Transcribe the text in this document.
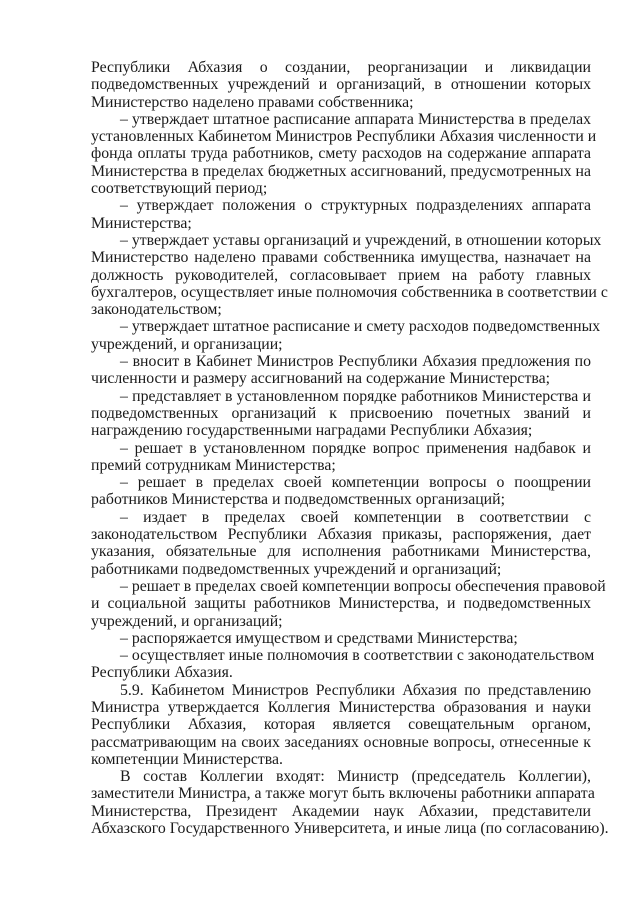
Республики Абхазия о создании, реорганизации и ликвидации
подведомственных учреждений и организаций, в отношении которых
Министерство наделено правами собственника;
– утверждает штатное расписание аппарата Министерства в пределах
установленных Кабинетом Министров Республики Абхазия численности и
фонда оплаты труда работников, смету расходов на содержание аппарата
Министерства в пределах бюджетных ассигнований, предусмотренных на
соответствующий период;
– утверждает положения о структурных подразделениях аппарата
Министерства;
– утверждает уставы организаций и учреждений, в отношении которых
Министерство наделено правами собственника имущества, назначает на
должность руководителей, согласовывает прием на работу главных
бухгалтеров, осуществляет иные полномочия собственника в соответствии с
законодательством;
– утверждает штатное расписание и смету расходов подведомственных
учреждений, и организации;
– вносит в Кабинет Министров Республики Абхазия предложения по
численности и размеру ассигнований на содержание Министерства;
– представляет в установленном порядке работников Министерства и
подведомственных организаций к присвоению почетных званий и
награждению государственными наградами Республики Абхазия;
– решает в установленном порядке вопрос применения надбавок и
премий сотрудникам Министерства;
– решает в пределах своей компетенции вопросы о поощрении
работников Министерства и подведомственных организаций;
– издает в пределах своей компетенции в соответствии с
законодательством Республики Абхазия приказы, распоряжения, дает
указания, обязательные для исполнения работниками Министерства,
работниками подведомственных учреждений и организаций;
– решает в пределах своей компетенции вопросы обеспечения правовой
и социальной защиты работников Министерства, и подведомственных
учреждений, и организаций;
– распоряжается имуществом и средствами Министерства;
– осуществляет иные полномочия в соответствии с законодательством
Республики Абхазия.
5.9. Кабинетом Министров Республики Абхазия по представлению
Министра утверждается Коллегия Министерства образования и науки
Республики Абхазия, которая является совещательным органом,
рассматривающим на своих заседаниях основные вопросы, отнесенные к
компетенции Министерства.
В состав Коллегии входят: Министр (председатель Коллегии),
заместители Министра, а также могут быть включены работники аппарата
Министерства, Президент Академии наук Абхазии, представители
Абхазского Государственного Университета, и иные лица (по согласованию).
